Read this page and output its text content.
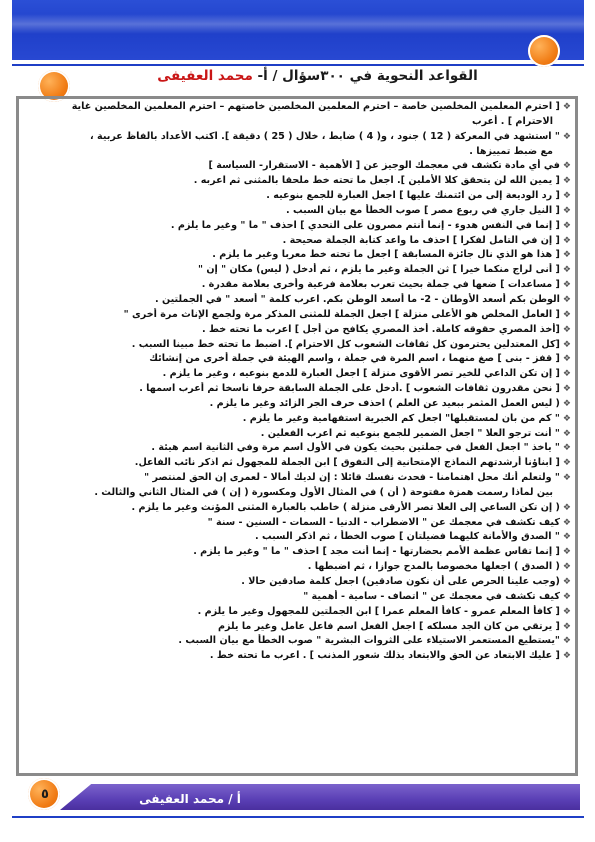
القواعد النحوية في ٣٠٠سؤال / أ- محمد العفيفى
❖[ احترم المعلمين المخلصين خاصة – احترم المعلمين المخلصين خاصتهم – احترم المعلمين المخلصين غاية
الاحترام ] . أعرب
❖" استشهد في المعركة ( 12 ) جنود ، و( 4 ) ضابط ، خلال ( 25 ) دقيقة ]. اكتب الأعداد بالفاظ عربية ،
مع ضبط تمييزها .
❖في أي مادة تكشف في معجمك الوجيز عن [ الأهمية - الاستقرار- السياسة ]
❖[ يمين الله لن يتحقق كلا الأملين ]. اجعل ما تحته خط ملحقا بالمثنى ثم اعربه .
❖[ رد الوديعة إلى من ائتمنك عليها ] اجعل العبارة للجمع بنوعيه .
❖[ النيل جاري في ربوع مصر ] صوب الخطأ مع بيان السبب .
❖[ إنما في النفس هدوء - إنما أنتم مصرون على التحدي ] احذف " ما " وغير ما يلزم .
❖[ إن في التامل لفكرا ] احذف ما واعد كتابة الجملة صحيحة .
❖[ هذا هو الذي نال جائزة المسابقة ] اجعل ما تحته خط معربا وغير ما يلزم .
❖[ أنى لراج منكما خيرا ] ثن الجملة وغير ما يلزم ، ثم أدخل ( ليس) مكان " إن "
❖[ مساعدات ] ضعها في جملة بحيث تعرب بعلامة فرعية وأخرى بعلامة مقدرة .
❖الوطن بكم أسعد الأوطان - 2- ما أسعد الوطن بكم. اعرب كلمة " أسعد " في الجملتين .
❖[ العامل المخلص هو الأعلى منزلة ] اجعل الجملة للمثنى المذكر مرة ولجمع الإناث مرة أخرى "
❖[أخذ المصري حقوقه كاملة. أخذ المصري يكافح من أجل ] اعرب ما تحته خط .
❖[كل المعتدلين يحترمون كل ثقافات الشعوب كل الاحترام ]. اضبط ما تحته خط مبينا السبب .
❖[ قفز - بنى ] صغ منهما ، اسم المرة في جملة ، واسم الهيئة في جملة أخرى من إنشائك
❖[ إن تكن الداعي للخير تصر الأقوى منزلة ] اجعل العبارة للدمع بنوعيه ، وغير ما يلزم .
❖[ نحن مقدرون ثقافات الشعوب ] .أدخل على الجملة السابقة حرفا ناسخا ثم أعرب اسمها .
❖( ليس العمل المثمر ببعيد عن العلم ) احذف حرف الجر الزائد وغير ما يلزم .
❖" كم من بان لمستقبلها" اجعل كم الخبرية استفهامية وغير ما يلزم .
❖" أنت ترجو العلا " اجعل الضمير للجمع بنوعيه ثم اعرب الفعلين .
❖" ياخذ " اجعل الفعل في جملتين بحيث يكون في الأول اسم مرة وفي الثانية اسم هيئة .
❖[ ابناؤنا أرشدتهم النماذج الإمتحانية إلى التفوق ] ابن الجملة للمجهول ثم اذكر نائب الفاعل.
❖" ولتعلم أنك محل اهتمامنا - فحدث نفسك قائلا : إن لديك أمالا - لعمرى إن الحق لمنتصر "
بين لماذا رسمت همزة مفتوحة ( أن ) في المثال الأول ومكسورة ( إن ) في المثال الثاني والثالث .
❖( إن تكن الساعي إلى العلا تصر الأرقى منزلة ) خاطب بالعبارة المثنى المؤنث وغير ما يلزم .
❖كيف تكشف في معجمك عن " الاضطراب - الدنيا - السمات - السنين - سنة "
❖" الصدق والأمانة كليهما فضيلتان ] صوب الخطأ ، ثم اذكر السبب .
❖[ إنما تقاس عظمة الأمم بحضارتها - إنما أنت مجد ] احذف " ما " وغير ما يلزم .
❖( الصدق ) اجعلها مخصوصا بالمدح جوازا ، ثم اضبطها .
❖(وجب علينا الحرص على أن نكون صادقين) اجعل كلمة صادقين حالا .
❖كيف تكشف في معجمك عن " اتصاف - سامية - أهمية "
❖[ كافأ المعلم عمرو - كافأ المعلم عمرا ] ابن الجملتين للمجهول وغير ما يلزم .
❖[ يرتقي من كان الجد مسلكه ] اجعل الفعل اسم فاعل عامل وغير ما يلزم
❖"يستطيع المستعمر الاستيلاء على الثروات البشرية " صوب الخطأ مع بيان السبب .
❖[ عليك الابتعاد عن الحق والابتعاد بذلك شعور المذنب ] . اعرب ما تحته خط .
أ / محمد العفيفى
٥
